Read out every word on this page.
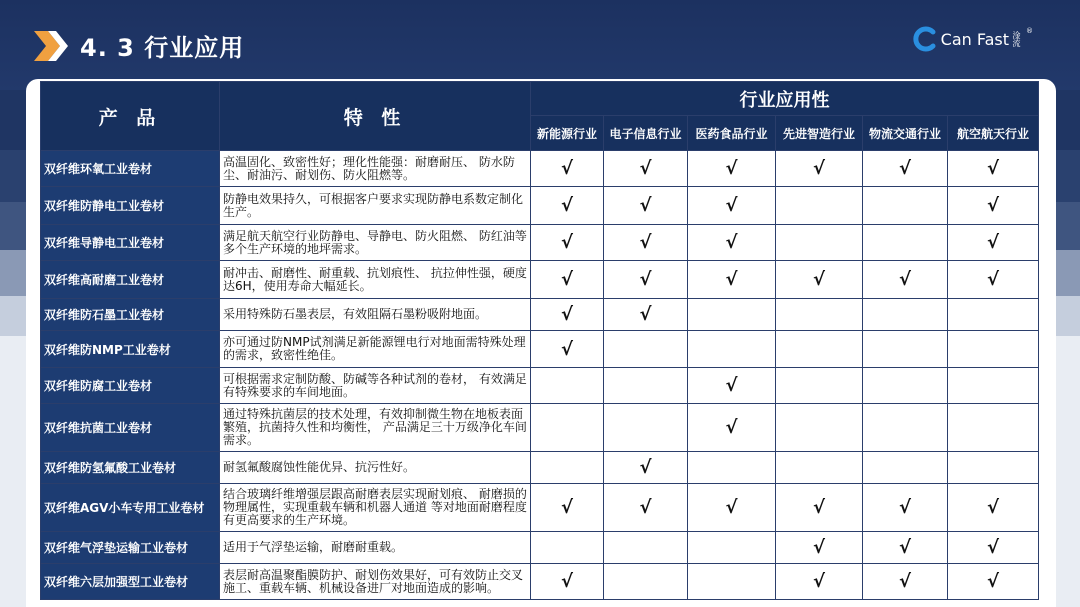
4. 3 行业应用	Can Fast 淦流 ®
产 品	特 性	行业应用性					
		新能源行业	电子信息行业	医药食品行业	先进智造行业	物流交通行业	航空航天行业
双纤维环氧工业卷材	高温固化、致密性好；理化性能强：耐磨耐压、 防水防尘、耐油污、耐划伤、防火阻燃等。	√	√	√	√	√	√
双纤维防静电工业卷材	防静电效果持久，可根据客户要求实现防静电系数定制化生产。	√	√	√			√
双纤维导静电工业卷材	满足航天航空行业防静电、导静电、防火阻燃、 防红油等多个生产环境的地坪需求。	√	√	√			√
双纤维高耐磨工业卷材	耐冲击、耐磨性、耐重载、抗划痕性、 抗拉伸性强，硬度达6H，使用寿命大幅延长。	√	√	√	√	√	√
双纤维防石墨工业卷材	采用特殊防石墨表层，有效阻隔石墨粉吸附地面。	√	√				
双纤维防NMP工业卷材	亦可通过防NMP试剂满足新能源锂电行对地面需特殊处理的需求，致密性绝佳。	√					
双纤维防腐工业卷材	可根据需求定制防酸、防碱等各种试剂的卷材， 有效满足有特殊要求的车间地面。			√			
双纤维抗菌工业卷材	通过特殊抗菌层的技术处理，有效抑制微生物在地板表面繁殖，抗菌持久性和均衡性， 产品满足三十万级净化车间需求。			√			
双纤维防氢氟酸工业卷材	耐氢氟酸腐蚀性能优异、抗污性好。		√				
双纤维AGV小车专用工业卷材	结合玻璃纤维增强层跟高耐磨表层实现耐划痕、 耐磨损的物理属性，实现重载车辆和机器人通道 等对地面耐磨程度有更高要求的生产环境。	√	√	√	√	√	√
双纤维气浮垫运输工业卷材	适用于气浮垫运输，耐磨耐重载。				√	√	√
双纤维六层加强型工业卷材	表层耐高温聚酯膜防护、耐划伤效果好，可有效防止交叉施工、重载车辆、机械设备进厂对地面造成的影响。	√			√	√	√
